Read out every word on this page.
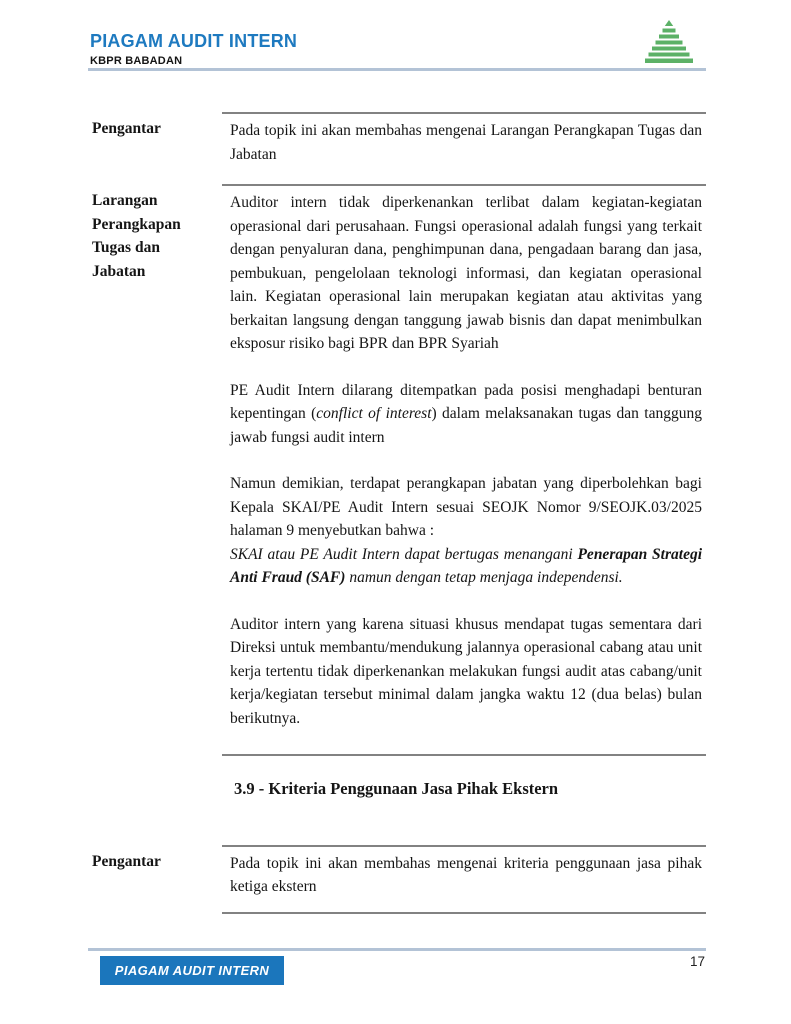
PIAGAM AUDIT INTERN
KBPR BABADAN
Pengantar	Pada topik ini akan membahas mengenai Larangan Perangkapan Tugas dan Jabatan

Larangan Perangkapan Tugas dan Jabatan

Auditor intern tidak diperkenankan terlibat dalam kegiatan-kegiatan operasional dari perusahaan. Fungsi operasional adalah fungsi yang terkait dengan penyaluran dana, penghimpunan dana, pengadaan barang dan jasa, pembukuan, pengelolaan teknologi informasi, dan kegiatan operasional lain. Kegiatan operasional lain merupakan kegiatan atau aktivitas yang berkaitan langsung dengan tanggung jawab bisnis dan dapat menimbulkan eksposur risiko bagi BPR dan BPR Syariah

PE Audit Intern dilarang ditempatkan pada posisi menghadapi benturan kepentingan (conflict of interest) dalam melaksanakan tugas dan tanggung jawab fungsi audit intern

Namun demikian, terdapat perangkapan jabatan yang diperbolehkan bagi Kepala SKAI/PE Audit Intern sesuai SEOJK Nomor 9/SEOJK.03/2025 halaman 9 menyebutkan bahwa :

SKAI atau PE Audit Intern dapat bertugas menangani Penerapan Strategi Anti Fraud (SAF) namun dengan tetap menjaga independensi.

Auditor intern yang karena situasi khusus mendapat tugas sementara dari Direksi untuk membantu/mendukung jalannya operasional cabang atau unit kerja tertentu tidak diperkenankan melakukan fungsi audit atas cabang/unit kerja/kegiatan tersebut minimal dalam jangka waktu 12 (dua belas) bulan berikutnya.

3.9 - Kriteria Penggunaan Jasa Pihak Ekstern
Pengantar	Pada topik ini akan membahas mengenai kriteria penggunaan jasa pihak ketiga ekstern

PIAGAM AUDIT INTERN
17
